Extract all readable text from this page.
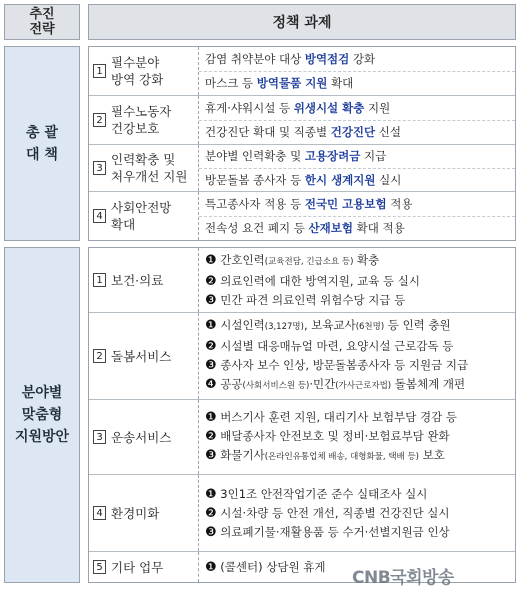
추진
전략	정책 과제
총 괄
대 책
1
필수분야
방역 강화
감염 취약분야 대상 방역점검 강화
마스크 등 방역물품 지원 확대
2
필수노동자
건강보호
휴게·샤워시설 등 위생시설 확충 지원
건강진단 확대 및 직종별 건강진단 신설
3
인력확충 및
처우개선 지원
분야별 인력확충 및 고용장려금 지급
방문돌봄 종사자 등 한시 생계지원 실시
4
사회안전망
확대
특고종사자 적용 등 전국민 고용보험 적용
전속성 요건 폐지 등 산재보험 확대 적용
분야별
맞춤형
지원방안
1 보건·의료
❶ 간호인력(교육전담, 긴급소요 등) 확충
❷ 의료인력에 대한 방역지원, 교육 등 실시
❸ 민간 파견 의료인력 위험수당 지급 등
2 돌봄서비스
❶ 시설인력(3,127명), 보육교사(6천명) 등 인력 충원
❷ 시설별 대응매뉴얼 마련, 요양시설 근로감독 등
❸ 종사자 보수 인상, 방문돌봄종사자 등 지원금 지급
❹ 공공(사회서비스원 등)·민간(가사근로자법) 돌봄체계 개편
3 운송서비스
❶ 버스기사 훈련 지원, 대리기사 보험부담 경감 등
❷ 배달종사자 안전보호 및 정비·보험료부담 완화
❸ 화물기사(온라인유통업체 배송, 대형화물, 택배 등) 보호
4 환경미화
❶ 3인1조 안전작업기준 준수 실태조사 실시
❷ 시설·차량 등 안전 개선, 직종별 건강진단 실시
❸ 의료폐기물·재활용품 등 수거·선별지원금 인상
5 기타 업무	❶ (콜센터) 상담원 휴게
CNB국회방송
